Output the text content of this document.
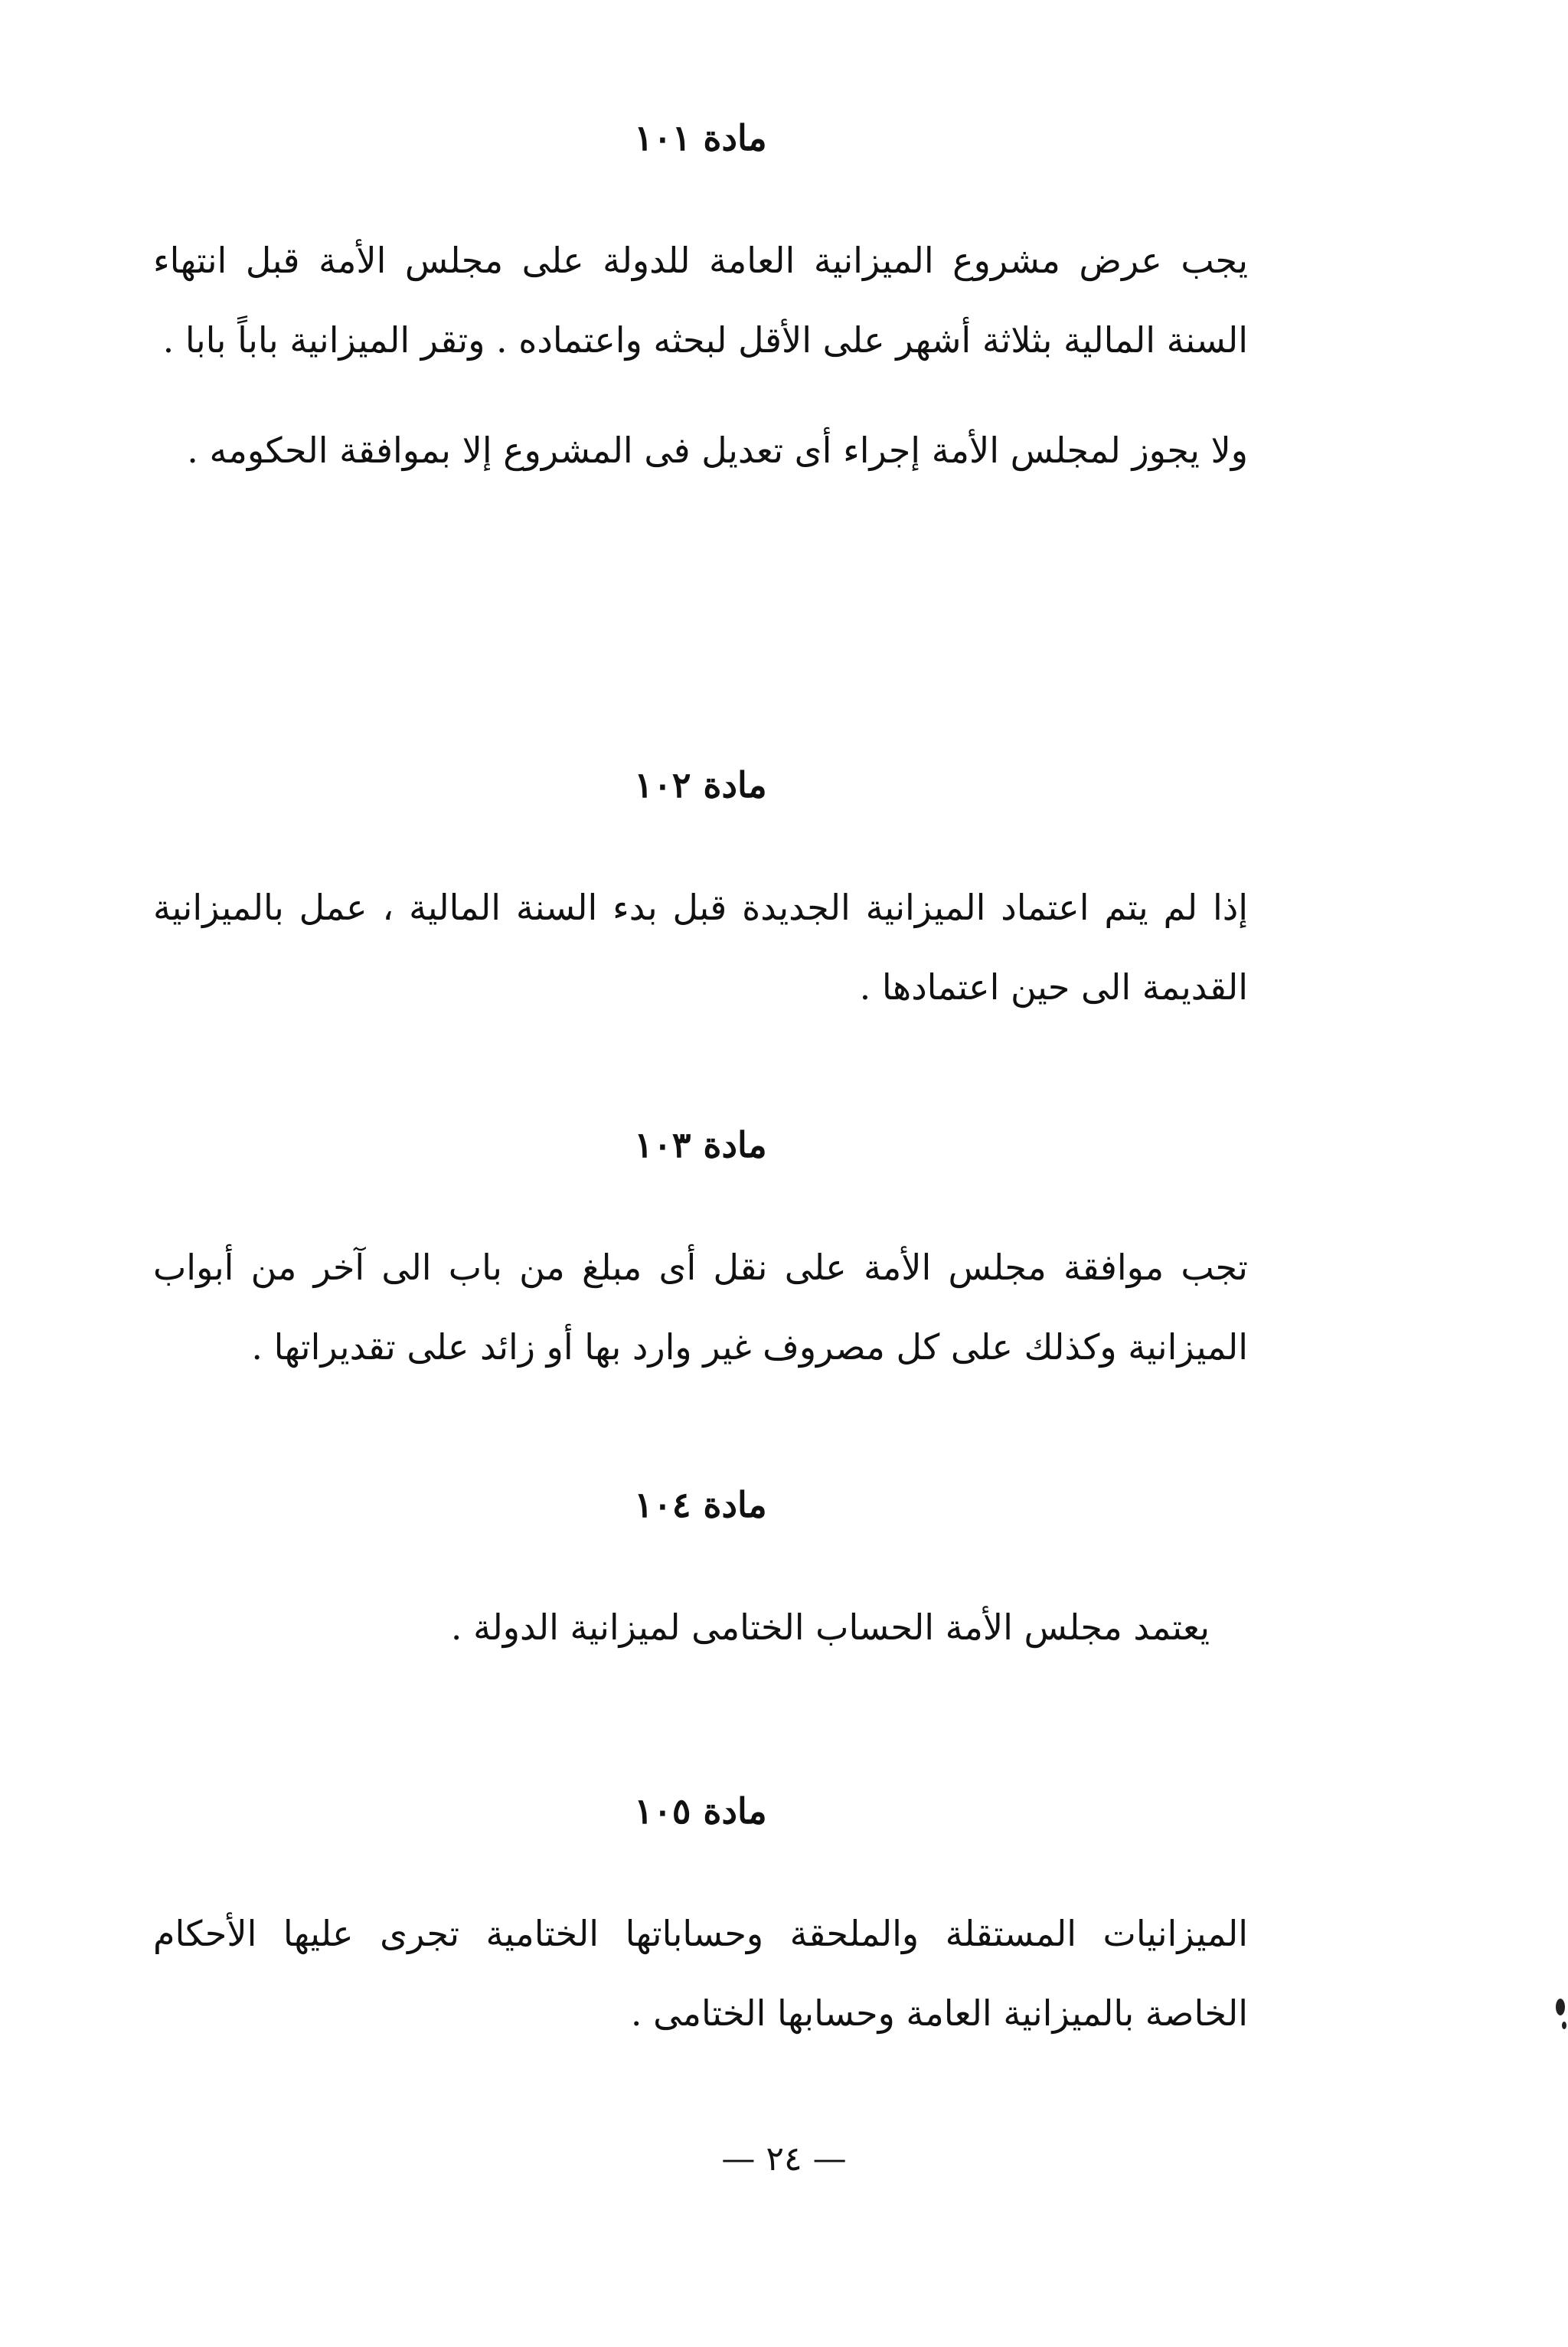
مادة ١٠١

يجب عرض مشروع الميزانية العامة للدولة على مجلس الأمة قبل انتهاء السنة المالية بثلاثة أشهر على الأقل لبحثه واعتماده . وتقر الميزانية باباً بابا .

ولا يجوز لمجلس الأمة إجراء أى تعديل فى المشروع إلا بموافقة الحكومه .

مادة ١٠٢

إذا لم يتم اعتماد الميزانية الجديدة قبل بدء السنة المالية ، عمل بالميزانية القديمة الى حين اعتمادها .

مادة ١٠٣

تجب موافقة مجلس الأمة على نقل أى مبلغ من باب الى آخر من أبواب الميزانية وكذلك على كل مصروف غير وارد بها أو زائد على تقديراتها .

مادة ١٠٤

يعتمد مجلس الأمة الحساب الختامى لميزانية الدولة .

مادة ١٠٥

الميزانيات المستقلة والملحقة وحساباتها الختامية تجرى عليها الأحكام الخاصة بالميزانية العامة وحسابها الختامى .

— ٢٤ —
